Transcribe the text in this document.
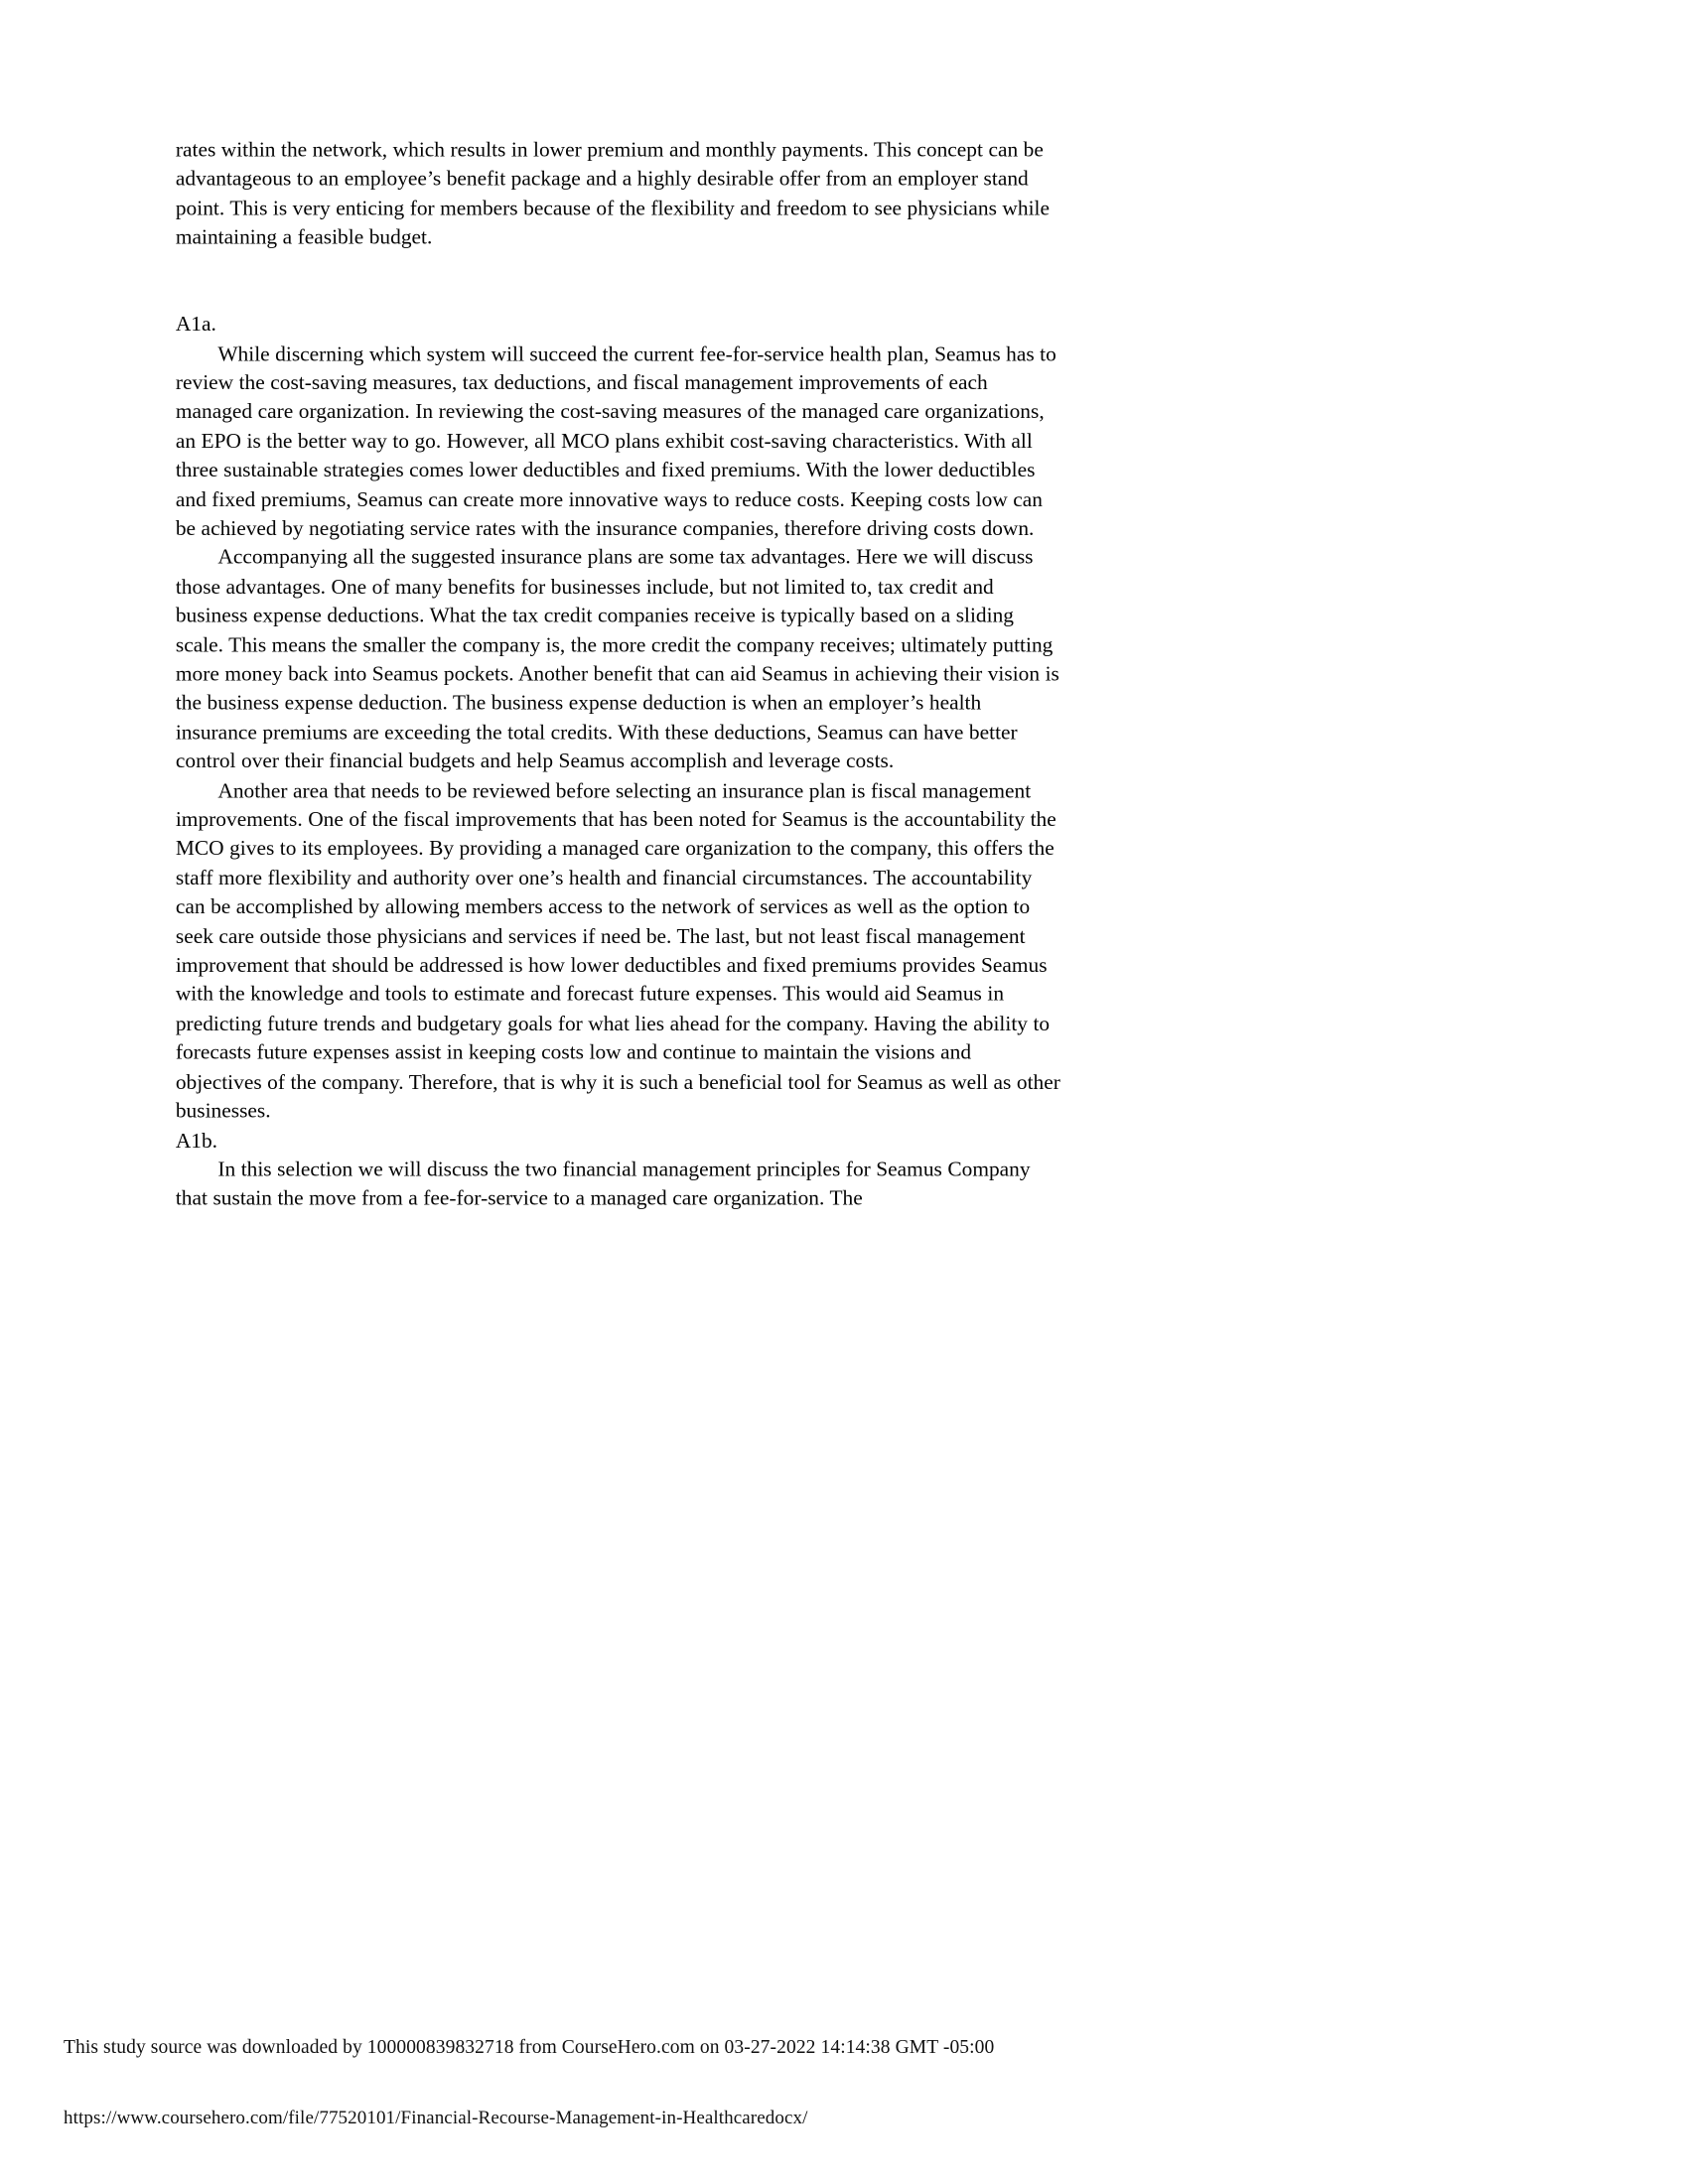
rates within the network, which results in lower premium and monthly payments. This concept can be advantageous to an employee’s benefit package and a highly desirable offer from an employer stand point. This is very enticing for members because of the flexibility and freedom to see physicians while maintaining a feasible budget.

A1a.

While discerning which system will succeed the current fee-for-service health plan, Seamus has to review the cost-saving measures, tax deductions, and fiscal management improvements of each managed care organization. In reviewing the cost-saving measures of the managed care organizations, an EPO is the better way to go. However, all MCO plans exhibit cost-saving characteristics. With all three sustainable strategies comes lower deductibles and fixed premiums. With the lower deductibles and fixed premiums, Seamus can create more innovative ways to reduce costs. Keeping costs low can be achieved by negotiating service rates with the insurance companies, therefore driving costs down.

Accompanying all the suggested insurance plans are some tax advantages. Here we will discuss those advantages. One of many benefits for businesses include, but not limited to, tax credit and business expense deductions. What the tax credit companies receive is typically based on a sliding scale. This means the smaller the company is, the more credit the company receives; ultimately putting more money back into Seamus pockets. Another benefit that can aid Seamus in achieving their vision is the business expense deduction. The business expense deduction is when an employer’s health insurance premiums are exceeding the total credits. With these deductions, Seamus can have better control over their financial budgets and help Seamus accomplish and leverage costs.

Another area that needs to be reviewed before selecting an insurance plan is fiscal management improvements. One of the fiscal improvements that has been noted for Seamus is the accountability the MCO gives to its employees. By providing a managed care organization to the company, this offers the staff more flexibility and authority over one’s health and financial circumstances. The accountability can be accomplished by allowing members access to the network of services as well as the option to seek care outside those physicians and services if need be. The last, but not least fiscal management improvement that should be addressed is how lower deductibles and fixed premiums provides Seamus with the knowledge and tools to estimate and forecast future expenses. This would aid Seamus in predicting future trends and budgetary goals for what lies ahead for the company. Having the ability to forecasts future expenses assist in keeping costs low and continue to maintain the visions and objectives of the company. Therefore, that is why it is such a beneficial tool for Seamus as well as other businesses.

A1b.

In this selection we will discuss the two financial management principles for Seamus Company that sustain the move from a fee-for-service to a managed care organization. The

This study source was downloaded by 100000839832718 from CourseHero.com on 03-27-2022 14:14:38 GMT -05:00
https://www.coursehero.com/file/77520101/Financial-Recourse-Management-in-Healthcaredocx/
